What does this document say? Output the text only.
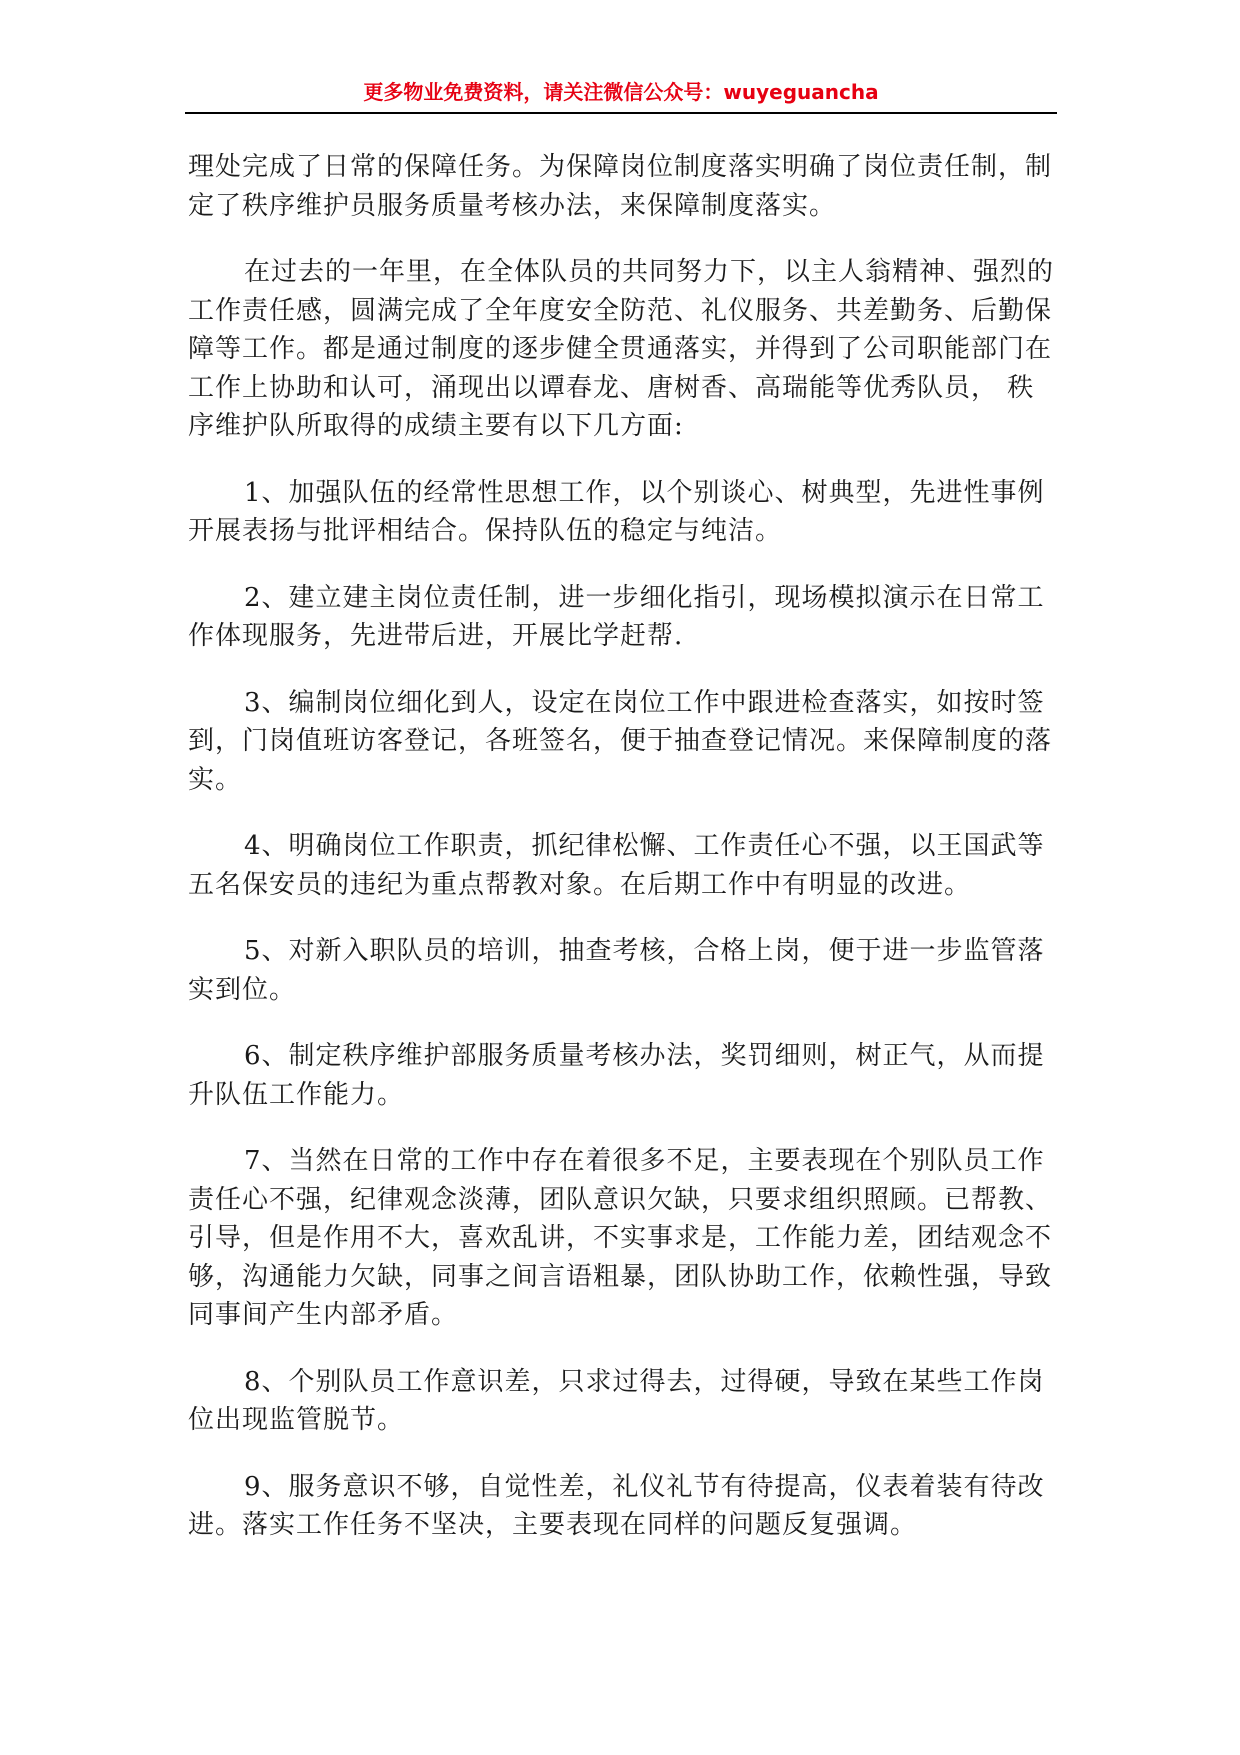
更多物业免费资料，请关注微信公众号：wuyeguancha

理处完成了日常的保障任务。为保障岗位制度落实明确了岗位责任制，制定了秩序维护员服务质量考核办法，来保障制度落实。

在过去的一年里，在全体队员的共同努力下，以主人翁精神、强烈的工作责任感，圆满完成了全年度安全防范、礼仪服务、共差勤务、后勤保障等工作。都是通过制度的逐步健全贯通落实，并得到了公司职能部门在工作上协助和认可，涌现出以谭春龙、唐树香、高瑞能等优秀队员， 秩序维护队所取得的成绩主要有以下几方面:

1、加强队伍的经常性思想工作，以个别谈心、树典型，先进性事例开展表扬与批评相结合。保持队伍的稳定与纯洁。

2、建立建主岗位责任制，进一步细化指引，现场模拟演示在日常工作体现服务，先进带后进，开展比学赶帮.

3、编制岗位细化到人，设定在岗位工作中跟进检查落实，如按时签到，门岗值班访客登记，各班签名，便于抽查登记情况。来保障制度的落实。

4、明确岗位工作职责，抓纪律松懈、工作责任心不强，以王国武等五名保安员的违纪为重点帮教对象。在后期工作中有明显的改进。

5、对新入职队员的培训，抽查考核，合格上岗，便于进一步监管落实到位。

6、制定秩序维护部服务质量考核办法，奖罚细则，树正气，从而提升队伍工作能力。

7、当然在日常的工作中存在着很多不足，主要表现在个别队员工作责任心不强，纪律观念淡薄，团队意识欠缺，只要求组织照顾。已帮教、引导，但是作用不大，喜欢乱讲，不实事求是，工作能力差，团结观念不够，沟通能力欠缺，同事之间言语粗暴，团队协助工作，依赖性强，导致同事间产生内部矛盾。

8、个别队员工作意识差，只求过得去，过得硬，导致在某些工作岗位出现监管脱节。

9、服务意识不够，自觉性差，礼仪礼节有待提高，仪表着装有待改进。落实工作任务不坚决，主要表现在同样的问题反复强调。
